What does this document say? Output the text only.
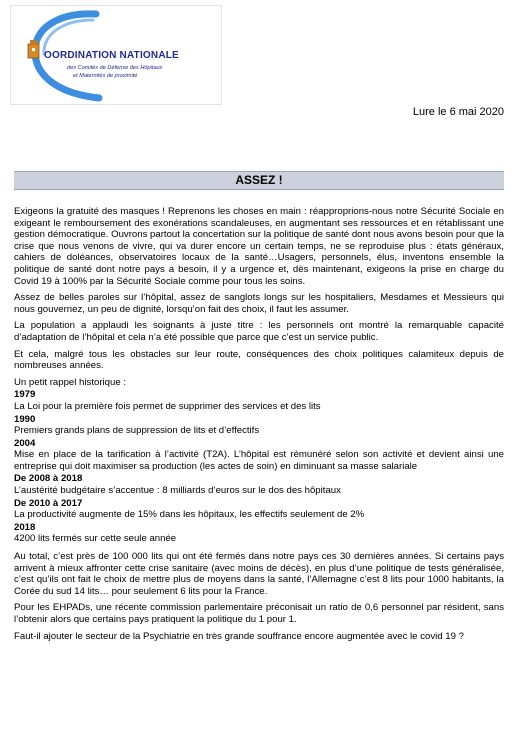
OORDINATION NATIONALE
des Comités de Défense des Hôpitaux
et Maternités de proximité
Lure le 6 mai 2020
ASSEZ !

Exigeons la gratuité des masques ! Reprenons les choses en main : réapproprions-nous notre Sécurité Sociale en exigeant le remboursement des exonérations scandaleuses, en augmentant ses ressources et en rétablissant une gestion démocratique. Ouvrons partout la concertation sur la politique de santé dont nous avons besoin pour que la crise que nous venons de vivre, qui va durer encore un certain temps, ne se reproduise plus : états généraux, cahiers de doléances, observatoires locaux de la santé…Usagers, personnels, élus, inventons ensemble la politique de santé dont notre pays a besoin, il y a urgence et, dès maintenant, exigeons la prise en charge du Covid 19 à 100% par la Sécurité Sociale comme pour tous les soins.

Assez de belles paroles sur l’hôpital, assez de sanglots longs sur les hospitaliers, Mesdames et Messieurs qui nous gouvernez, un peu de dignité, lorsqu’on fait des choix, il faut les assumer.

La population a applaudi les soignants à juste titre : les personnels ont montré la remarquable capacité d’adaptation de l’hôpital et cela n’a été possible que parce que c’est un service public.

Et cela, malgré tous les obstacles sur leur route, conséquences des choix politiques calamiteux depuis de nombreuses années.

Un petit rappel historique :

1979
La Loi pour la première fois permet de supprimer des services et des lits
1990
Premiers grands plans de suppression de lits et d’effectifs
2004
Mise en place de la tarification à l’activité (T2A). L’hôpital est rémunéré selon son activité et devient ainsi une entreprise qui doit maximiser sa production (les actes de soin) en diminuant sa masse salariale
De 2008 à 2018
L’austérité budgétaire s’accentue : 8 milliards d’euros sur le dos des hôpitaux
De 2010 à 2017
La productivité augmente de 15% dans les hôpitaux, les effectifs seulement de 2%
2018
4200 lits fermés sur cette seule année

Au total, c’est près de 100 000 lits qui ont été fermés dans notre pays ces 30 dernières années. Si certains pays arrivent à mieux affronter cette crise sanitaire (avec moins de décès), en plus d’une politique de tests généralisée, c’est qu’ils ont fait le choix de mettre plus de moyens dans la santé, l’Allemagne c’est 8 lits pour 1000 habitants, la Corée du sud 14 lits… pour seulement 6 lits pour la France.

Pour les EHPADs, une récente commission parlementaire préconisait un ratio de 0,6 personnel par résident, sans l’obtenir alors que certains pays pratiquent la politique du 1 pour 1.

Faut-il ajouter le secteur de la Psychiatrie en très grande souffrance encore augmentée avec le covid 19 ?
